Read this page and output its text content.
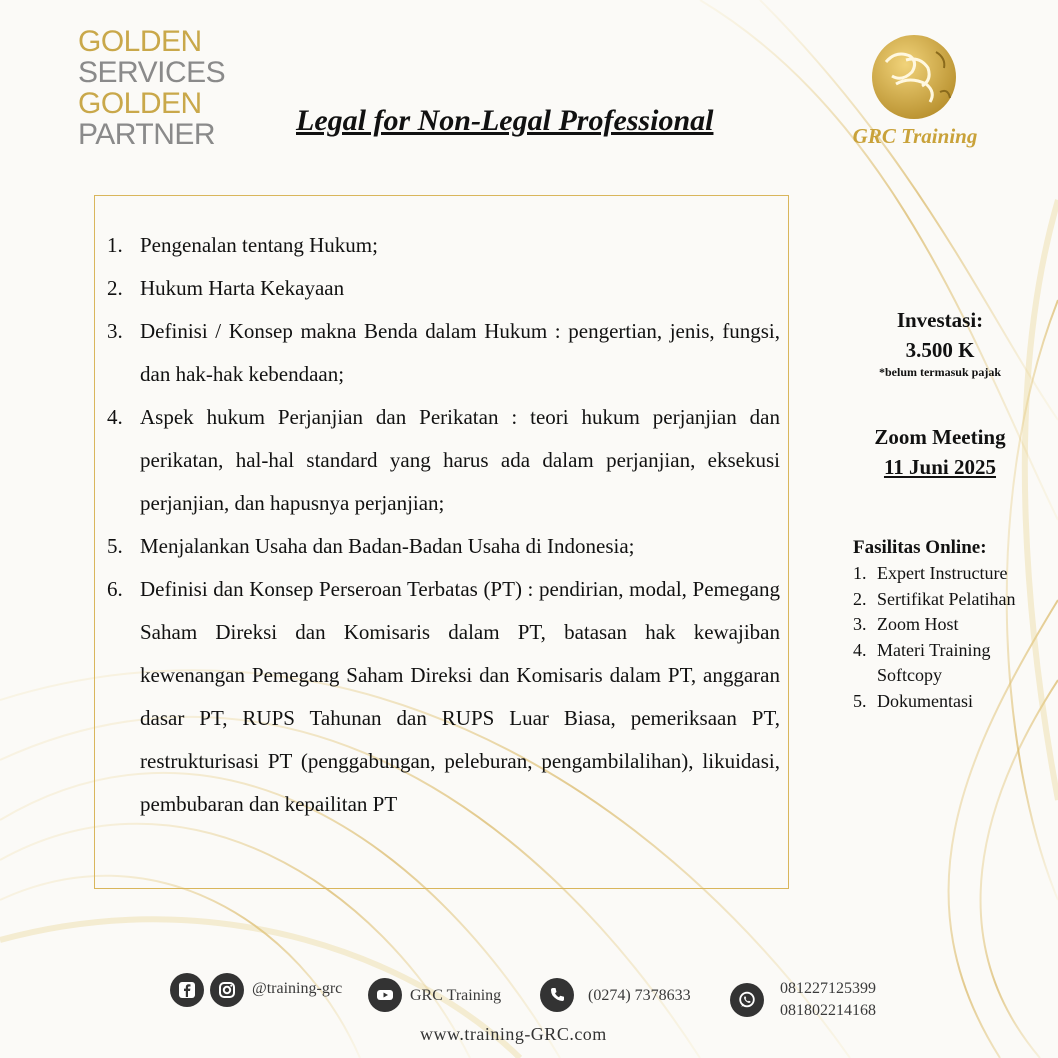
GOLDEN
SERVICES
GOLDEN
PARTNER	Legal for Non-Legal Professional	GRC Training
1. Pengenalan tentang Hukum;
2. Hukum Harta Kekayaan
3. Definisi / Konsep makna Benda dalam Hukum : pengertian, jenis, fungsi, dan hak-hak kebendaan;
4. Aspek hukum Perjanjian dan Perikatan : teori hukum perjanjian dan perikatan, hal-hal standard yang harus ada dalam perjanjian, eksekusi perjanjian, dan hapusnya perjanjian;
5. Menjalankan Usaha dan Badan-Badan Usaha di Indonesia;
6. Definisi dan Konsep Perseroan Terbatas (PT) : pendirian, modal, Pemegang Saham Direksi dan Komisaris dalam PT, batasan hak kewajiban kewenangan Pemegang Saham Direksi dan Komisaris dalam PT, anggaran dasar PT, RUPS Tahunan dan RUPS Luar Biasa, pemeriksaan PT, restrukturisasi PT (penggabungan, peleburan, pengambilalihan), likuidasi, pembubaran dan kepailitan PT
Investasi:
3.500 K
*belum termasuk pajak
Zoom Meeting
11 Juni 2025
Fasilitas Online:
1. Expert Instructure
2. Sertifikat Pelatihan
3. Zoom Host
4. Materi Training Softcopy
5. Dokumentasi
@training-grc	GRC Training	(0274) 7378633	081227125399
081802214168
www.training-GRC.com
